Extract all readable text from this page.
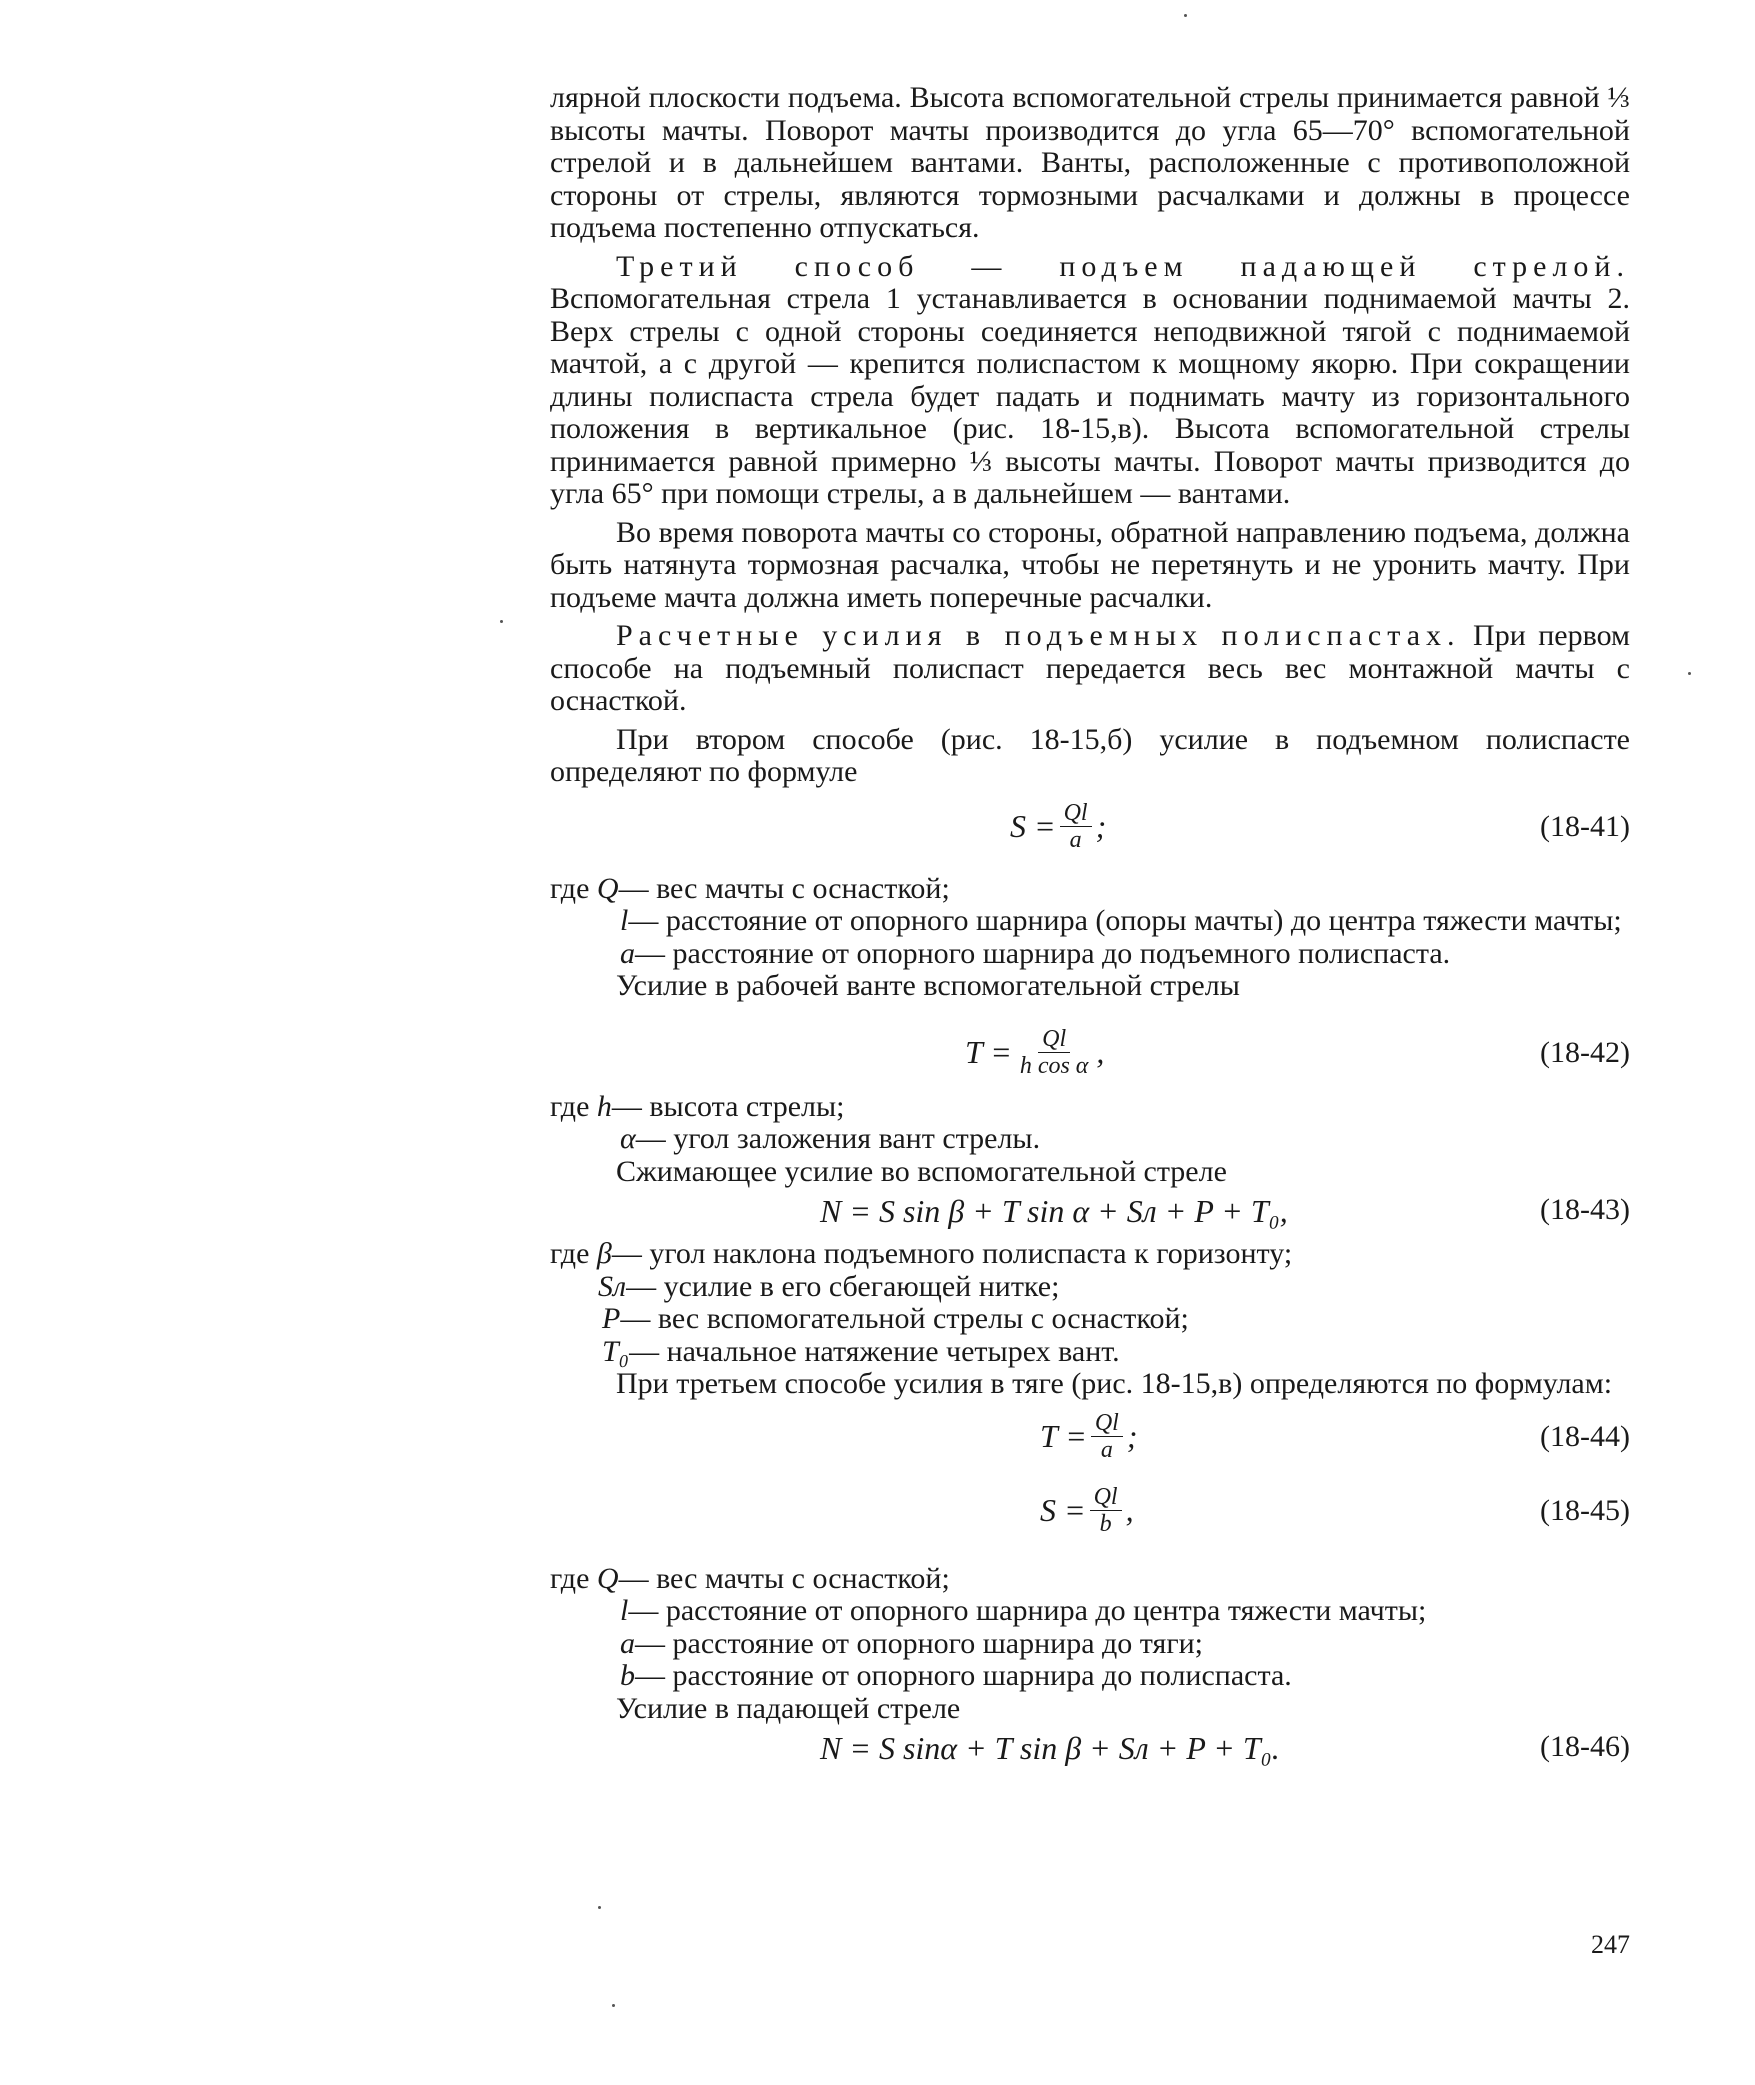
лярной плоскости подъема. Высота вспомогательной стрелы принимается равной ⅓ высоты мачты. Поворот мачты производится до угла 65—70° вспомогательной стрелой и в дальнейшем вантами. Ванты, расположенные с противоположной стороны от стрелы, являются тормозными расчалками и должны в процессе подъема постепенно отпускаться.

Третий способ — подъем падающей стрелой. Вспомогательная стрела 1 устанавливается в основании поднимаемой мачты 2. Верх стрелы с одной стороны соединяется неподвижной тягой с поднимаемой мачтой, а с другой — крепится полиспастом к мощному якорю. При сокращении длины полиспаста стрела будет падать и поднимать мачту из горизонтального положения в вертикальное (рис. 18-15,в). Высота вспомогательной стрелы принимается равной примерно ⅓ высоты мачты. Поворот мачты призводится до угла 65° при помощи стрелы, а в дальнейшем — вантами.

Во время поворота мачты со стороны, обратной направлению подъема, должна быть натянута тормозная расчалка, чтобы не перетянуть и не уронить мачту. При подъеме мачта должна иметь поперечные расчалки.

Расчетные усилия в подъемных полиспастах. При первом способе на подъемный полиспаст передается весь вес монтажной мачты с оснасткой.

При втором способе (рис. 18-15,б) усилие в подъемном полиспасте определяют по формуле

$S = \frac{Ql}{a}$ ;	(18-41)

где Q— вес мачты с оснасткой;

l— расстояние от опорного шарнира (опоры мачты) до центра тяжести мачты;

a— расстояние от опорного шарнира до подъемного полиспаста.

Усилие в рабочей ванте вспомогательной стрелы

$T = \frac{Ql}{\text{h cos α}}$ ,	(18-42)

где h— высота стрелы;

α— угол заложения вант стрелы.

Сжимающее усилие во вспомогательной стреле

N = S sin β + T sin α + Sл + P + T₀,	(18-43)

где β— угол наклона подъемного полиспаста к горизонту;

Sл— усилие в его сбегающей нитке;

P— вес вспомогательной стрелы с оснасткой;

T₀— начальное натяжение четырех вант.

При третьем способе усилия в тяге (рис. 18-15,в) определяются по формулам:

$T = \frac{Ql}{a}$ ;	(18-44)
$S = \frac{Ql}{b}$ ,	(18-45)

где Q— вес мачты с оснасткой;

l— расстояние от опорного шарнира до центра тяжести мачты;

a— расстояние от опорного шарнира до тяги;

b— расстояние от опорного шарнира до полиспаста.

Усилие в падающей стреле

N = S sinα + T sin β + Sл + P + T₀.	(18-46)
247
